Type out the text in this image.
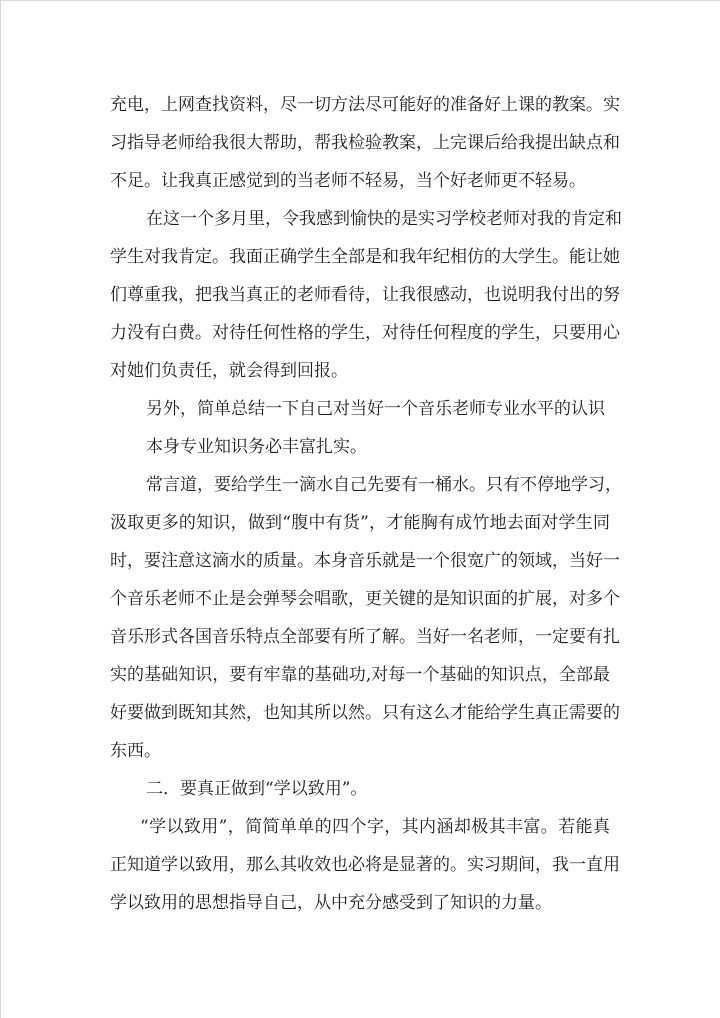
充电，上网查找资料，尽一切方法尽可能好的准备好上课的教案。实

习指导老师给我很大帮助，帮我检验教案，上完课后给我提出缺点和

不足。让我真正感觉到的当老师不轻易，当个好老师更不轻易。

在这一个多月里，令我感到愉快的是实习学校老师对我的肯定和

学生对我肯定。我面正确学生全部是和我年纪相仿的大学生。能让她

们尊重我，把我当真正的老师看待，让我很感动，也说明我付出的努

力没有白费。对待任何性格的学生，对待任何程度的学生，只要用心

对她们负责任，就会得到回报。

另外，简单总结一下自己对当好一个音乐老师专业水平的认识

本身专业知识务必丰富扎实。

常言道，要给学生一滴水自己先要有一桶水。只有不停地学习，

汲取更多的知识，做到“腹中有货”，才能胸有成竹地去面对学生同

时，要注意这滴水的质量。本身音乐就是一个很宽广的领域，当好一

个音乐老师不止是会弹琴会唱歌，更关键的是知识面的扩展，对多个

音乐形式各国音乐特点全部要有所了解。当好一名老师，一定要有扎

实的基础知识，要有牢靠的基础功,对每一个基础的知识点，全部最

好要做到既知其然，也知其所以然。只有这么才能给学生真正需要的

东西。

二．要真正做到“学以致用”。

“学以致用”，简简单单的四个字，其内涵却极其丰富。若能真

正知道学以致用，那么其收效也必将是显著的。实习期间，我一直用

学以致用的思想指导自己，从中充分感受到了知识的力量。
